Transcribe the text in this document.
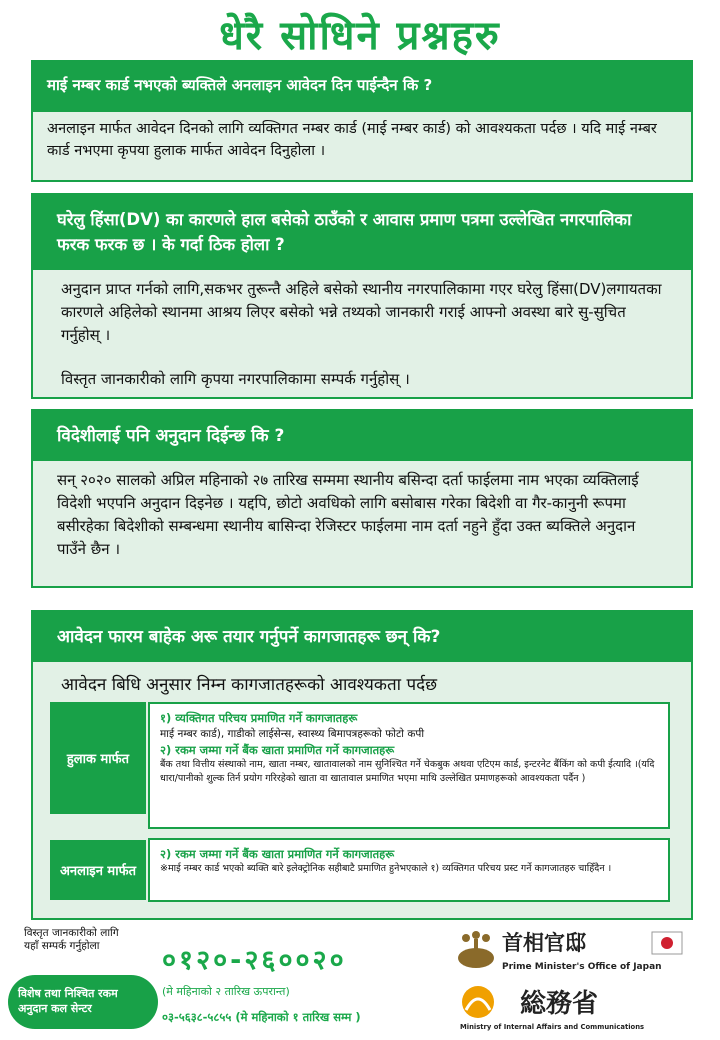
धेरै सोधिने प्रश्नहरु
माई नम्बर कार्ड नभएको ब्यक्तिले अनलाइन आवेदन दिन पाईन्दैन कि ?
अनलाइन मार्फत आवेदन दिनको लागि व्यक्तिगत नम्बर कार्ड (माई नम्बर कार्ड) को आवश्यकता पर्दछ । यदि माई नम्बर कार्ड नभएमा कृपया हुलाक मार्फत आवेदन दिनुहोला ।
घरेलु हिंसा(DV) का कारणले हाल बसेको ठाउँको र आवास प्रमाण पत्रमा उल्लेखित नगरपालिका फरक फरक छ । के गर्दा ठिक होला ?
अनुदान प्राप्त गर्नको लागि,सकभर तुरून्तै अहिले बसेको स्थानीय नगरपालिकामा गएर घरेलु हिंसा(DV)लगायतका कारणले अहिलेको स्थानमा आश्रय लिएर बसेको भन्ने तथ्यको जानकारी गराई आफ्नो अवस्था बारे सु-सुचित गर्नुहोस् ।
विस्तृत जानकारीको लागि कृपया नगरपालिकामा सम्पर्क गर्नुहोस् ।
विदेशीलाई पनि अनुदान दिईन्छ कि ?
सन् २०२० सालको अप्रिल महिनाको २७ तारिख सम्ममा स्थानीय बसिन्दा दर्ता फाईलमा नाम भएका व्यक्तिलाई विदेशी भएपनि अनुदान दिइनेछ । यद्दपि, छोटो अवधिको लागि बसोबास गरेका बिदेशी वा गैर-कानुनी रूपमा बसीरहेका बिदेशीको सम्बन्धमा स्थानीय बासिन्दा रेजिस्टर फाईलमा नाम दर्ता नहुने हुँदा उक्त ब्यक्तिले अनुदान पाउँने छैन ।
आवेदन फारम बाहेक अरू तयार गर्नुपर्ने कागजातहरू छन् कि?
आवेदन बिधि अनुसार निम्न कागजातहरूको आवश्यकता पर्दछ
हुलाक मार्फत
१) व्यक्तिगत परिचय प्रमाणित गर्ने कागजातहरू
माई नम्बर कार्ड), गाडीको लाईसेन्स, स्वास्थ्य बिमापत्रहरूको फोटो कपी
२) रकम जम्मा गर्ने बैंक खाता प्रमाणित गर्ने कागजातहरू
बैंक तथा वित्तीय संस्थाको नाम, खाता नम्बर, खातावालको नाम सुनिश्चित गर्ने चेकबुक अथवा एटिएम कार्ड, इन्टरनेट बैंकिंग को कपी ईत्यादि ।(यदि धारा/पानीको शुल्क तिर्न प्रयोग गरिरहेको खाता वा खातावाल प्रमाणित भएमा माथि उल्लेखित प्रमाणहरूको आवश्यकता पर्दैन )
अनलाइन मार्फत
२) रकम जम्मा गर्ने बैंक खाता प्रमाणित गर्ने कागजातहरू
※माई नम्बर कार्ड भएको ब्यक्ति बारे इलेक्ट्रोनिक सहीबाटै प्रमाणित हुनेभएकाले १) व्यक्तिगत परिचय प्रस्ट गर्ने कागजातहरु चाहिँदैन ।
विस्तृत जानकारीको लागि यहाँ सम्पर्क गर्नुहोला
विशेष तथा निश्चित रकम अनुदान कल सेन्टर
०१२०-२६००२०
(मे महिनाको २ तारिख ऊपरान्त)
०३-५६३८-५८५५ (मे महिनाको १ तारिख सम्म )
首相官邸
Prime Minister's Office of Japan
総務省
Ministry of Internal Affairs and Communications
